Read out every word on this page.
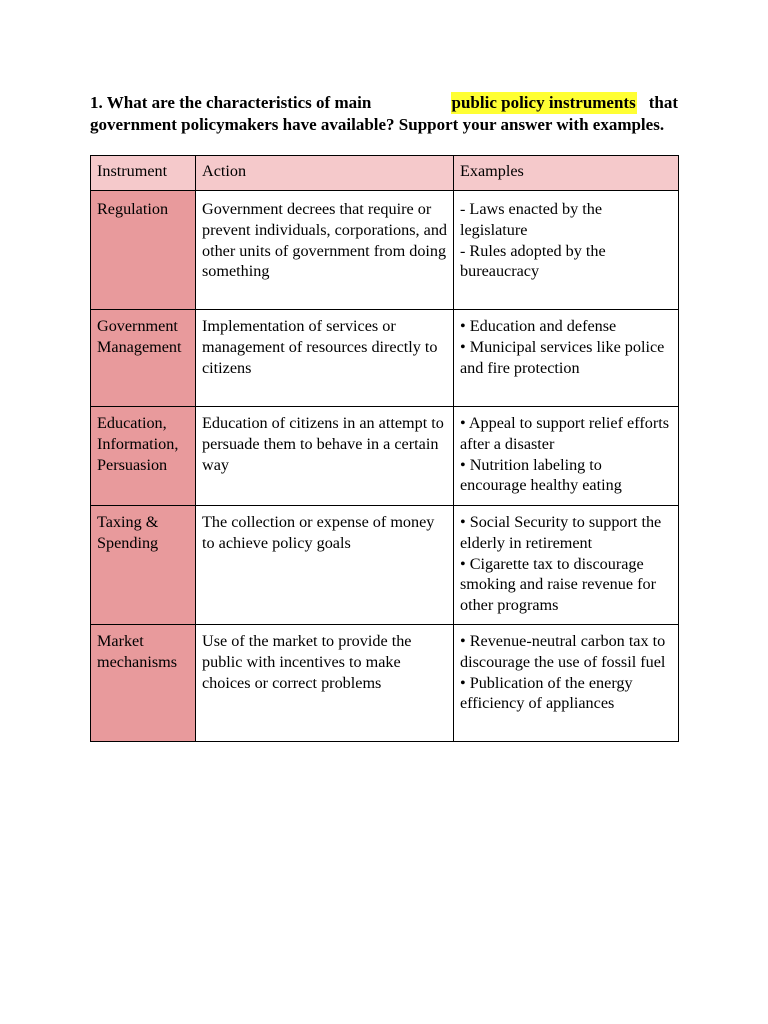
1. What are the characteristics of main	public policy instruments that
government policymakers have available? Support your answer with examples.
Instrument	Action	Examples
Regulation	Government decrees that require or prevent individuals, corporations, and other units of government from doing something	- Laws enacted by the legislature
- Rules adopted by the bureaucracy

Government Management	Implementation of services or management of resources directly to citizens	• Education and defense
• Municipal services like police and fire protection

Education, Information, Persuasion	Education of citizens in an attempt to persuade them to behave in a certain way	• Appeal to support relief efforts after a disaster
• Nutrition labeling to encourage healthy eating

Taxing & Spending	The collection or expense of money to achieve policy goals	• Social Security to support the elderly in retirement
• Cigarette tax to discourage smoking and raise revenue for other programs

Market mechanisms	Use of the market to provide the public with incentives to make choices or correct problems	• Revenue-neutral carbon tax to discourage the use of fossil fuel
• Publication of the energy efficiency of appliances
